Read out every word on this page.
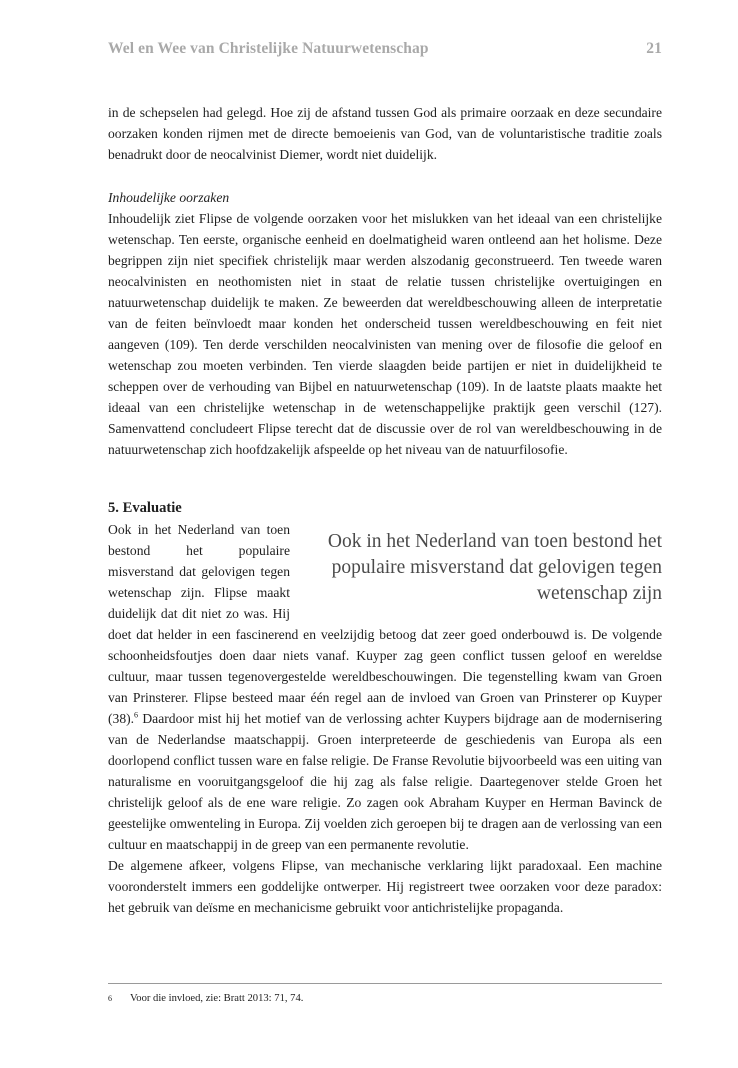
Wel en Wee van Christelijke Natuurwetenschap	21

in de schepselen had gelegd. Hoe zij de afstand tussen God als primaire oorzaak en deze secundaire oorzaken konden rijmen met de directe bemoeienis van God, van de voluntaristische traditie zoals benadrukt door de neocalvinist Diemer, wordt niet duidelijk.

Inhoudelijke oorzaken

Inhoudelijk ziet Flipse de volgende oorzaken voor het mislukken van het ideaal van een christelijke wetenschap. Ten eerste, organische eenheid en doelmatigheid waren ontleend aan het holisme. Deze begrippen zijn niet specifiek christelijk maar werden alszodanig geconstrueerd. Ten tweede waren neocalvinisten en neothomisten niet in staat de relatie tussen christelijke overtuigingen en natuurwetenschap duidelijk te maken. Ze beweerden dat wereldbeschouwing alleen de interpretatie van de feiten beïnvloedt maar konden het onderscheid tussen wereldbeschouwing en feit niet aangeven (109). Ten derde verschilden neocalvinisten van mening over de filosofie die geloof en wetenschap zou moeten verbinden. Ten vierde slaagden beide partijen er niet in duidelijkheid te scheppen over de verhouding van Bijbel en natuurwetenschap (109). In de laatste plaats maakte het ideaal van een christelijke wetenschap in de wetenschappelijke praktijk geen verschil (127). Samenvattend concludeert Flipse terecht dat de discussie over de rol van wereldbeschouwing in de natuurwetenschap zich hoofdzakelijk afspeelde op het niveau van de natuurfilosofie.

5. Evaluatie
Ook in het Nederland van toen bestond het populaire misverstand dat gelovigen tegen wetenschap zijn

Ook in het Nederland van toen bestond het populaire misverstand dat gelovigen tegen wetenschap zijn. Flipse maakt duidelijk dat dit niet zo was. Hij doet dat helder in een fascinerend en veelzijdig betoog dat zeer goed onderbouwd is. De volgende schoonheidsfoutjes doen daar niets vanaf. Kuyper zag geen conflict tussen geloof en wereldse cultuur, maar tussen tegenovergestelde wereldbeschouwingen. Die tegenstelling kwam van Groen van Prinsterer. Flipse besteed maar één regel aan de invloed van Groen van Prinsterer op Kuyper (38).$^6$ Daardoor mist hij het motief van de verlossing achter Kuypers bijdrage aan de modernisering van de Nederlandse maatschappij. Groen interpreteerde de geschiedenis van Europa als een doorlopend conflict tussen ware en false religie. De Franse Revolutie bijvoorbeeld was een uiting van naturalisme en vooruitgangsgeloof die hij zag als false religie. Daartegenover stelde Groen het christelijk geloof als de ene ware religie. Zo zagen ook Abraham Kuyper en Herman Bavinck de geestelijke omwenteling in Europa. Zij voelden zich geroepen bij te dragen aan de verlossing van een cultuur en maatschappij in de greep van een permanente revolutie.

De algemene afkeer, volgens Flipse, van mechanische verklaring lijkt paradoxaal. Een machine vooronderstelt immers een goddelijke ontwerper. Hij registreert twee oorzaken voor deze paradox: het gebruik van deïsme en mechanicisme gebruikt voor antichristelijke propaganda.

6 Voor die invloed, zie: Bratt 2013: 71, 74.
